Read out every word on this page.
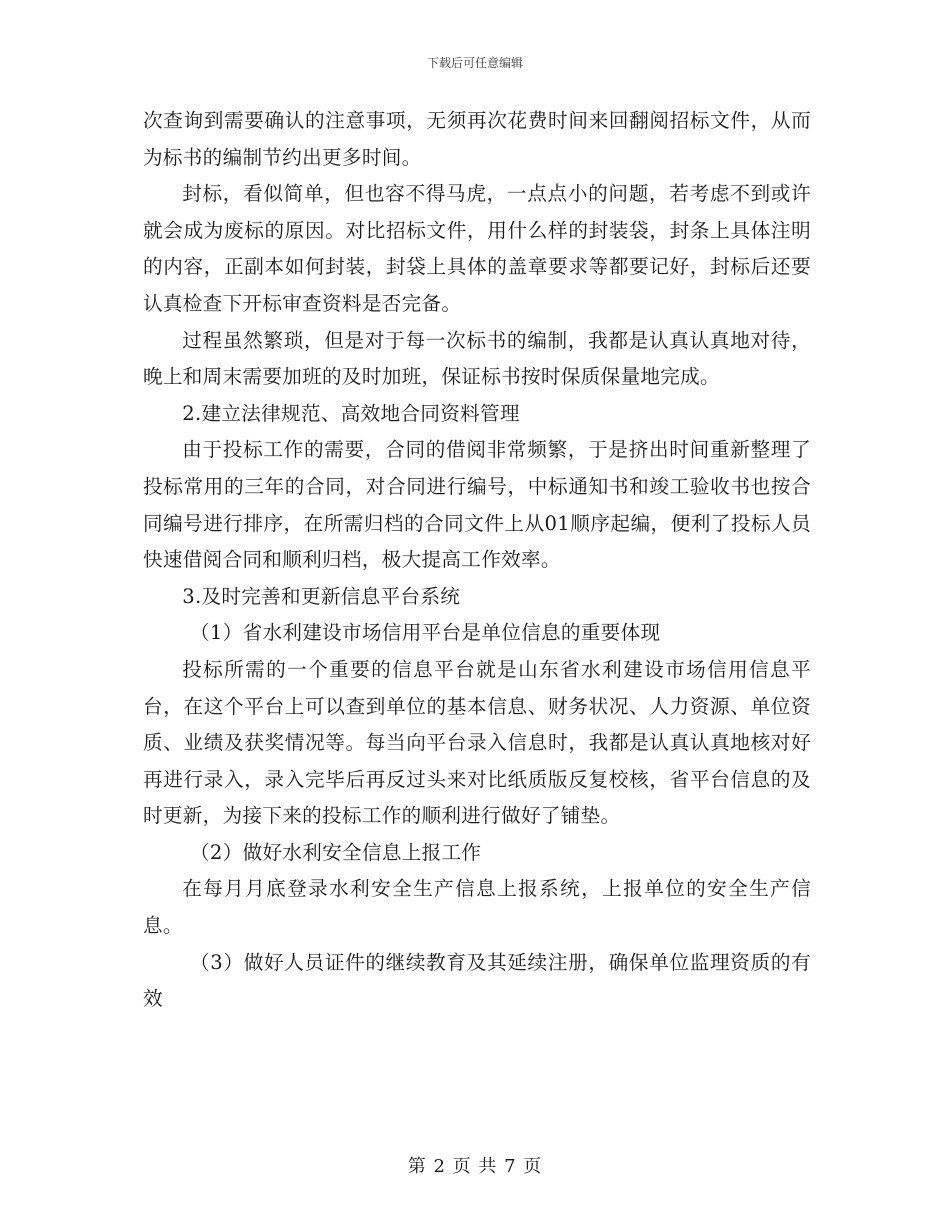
下载后可任意编辑

次查询到需要确认的注意事项，无须再次花费时间来回翻阅招标文件，从而为标书的编制节约出更多时间。

封标，看似简单，但也容不得马虎，一点点小的问题，若考虑不到或许就会成为废标的原因。对比招标文件，用什么样的封装袋，封条上具体注明的内容，正副本如何封装，封袋上具体的盖章要求等都要记好，封标后还要认真检查下开标审查资料是否完备。

过程虽然繁琐，但是对于每一次标书的编制，我都是认真认真地对待，晚上和周末需要加班的及时加班，保证标书按时保质保量地完成。

2.建立法律规范、高效地合同资料管理

由于投标工作的需要，合同的借阅非常频繁，于是挤出时间重新整理了投标常用的三年的合同，对合同进行编号，中标通知书和竣工验收书也按合同编号进行排序，在所需归档的合同文件上从01顺序起编，便利了投标人员快速借阅合同和顺利归档，极大提高工作效率。

3.及时完善和更新信息平台系统

（1）省水利建设市场信用平台是单位信息的重要体现

投标所需的一个重要的信息平台就是山东省水利建设市场信用信息平台，在这个平台上可以查到单位的基本信息、财务状况、人力资源、单位资质、业绩及获奖情况等。每当向平台录入信息时，我都是认真认真地核对好再进行录入，录入完毕后再反过头来对比纸质版反复校核，省平台信息的及时更新，为接下来的投标工作的顺利进行做好了铺垫。

（2）做好水利安全信息上报工作

在每月月底登录水利安全生产信息上报系统，上报单位的安全生产信息。

（3）做好人员证件的继续教育及其延续注册，确保单位监理资质的有效

第 2 页 共 7 页
